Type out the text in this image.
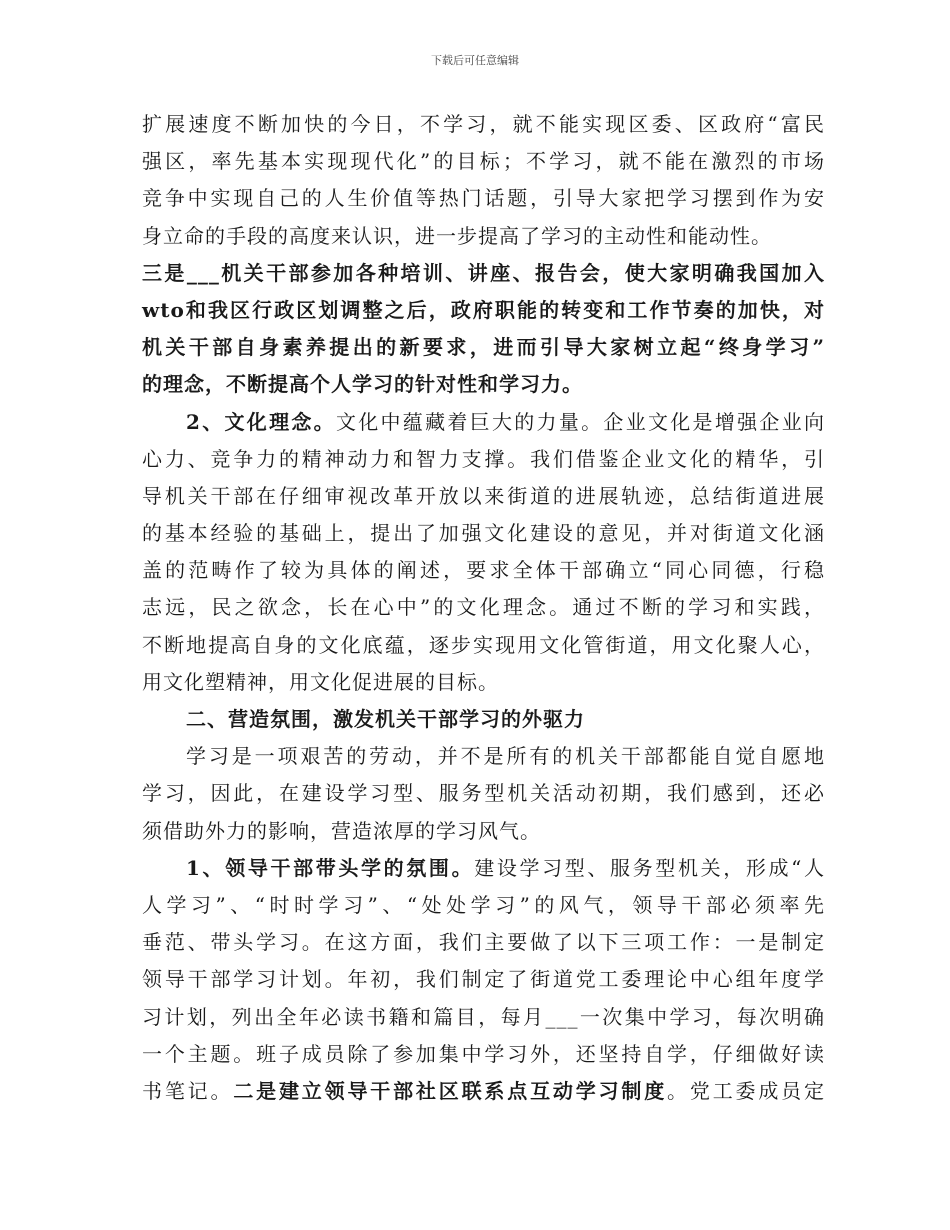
下载后可任意编辑
扩展速度不断加快的今日，不学习，就不能实现区委、区政府“富民
强区，率先基本实现现代化”的目标；不学习，就不能在激烈的市场
竞争中实现自己的人生价值等热门话题，引导大家把学习摆到作为安
身立命的手段的高度来认识，进一步提高了学习的主动性和能动性。
三是___机关干部参加各种培训、讲座、报告会，使大家明确我国加入
wto和我区行政区划调整之后，政府职能的转变和工作节奏的加快，对
机关干部自身素养提出的新要求，进而引导大家树立起“终身学习”
的理念，不断提高个人学习的针对性和学习力。
2、文化理念。文化中蕴藏着巨大的力量。企业文化是增强企业向
心力、竞争力的精神动力和智力支撑。我们借鉴企业文化的精华，引
导机关干部在仔细审视改革开放以来街道的进展轨迹，总结街道进展
的基本经验的基础上，提出了加强文化建设的意见，并对街道文化涵
盖的范畴作了较为具体的阐述，要求全体干部确立“同心同德，行稳
志远，民之欲念，长在心中”的文化理念。通过不断的学习和实践，
不断地提高自身的文化底蕴，逐步实现用文化管街道，用文化聚人心，
用文化塑精神，用文化促进展的目标。
二、营造氛围，激发机关干部学习的外驱力
学习是一项艰苦的劳动，并不是所有的机关干部都能自觉自愿地
学习，因此，在建设学习型、服务型机关活动初期，我们感到，还必
须借助外力的影响，营造浓厚的学习风气。
1、领导干部带头学的氛围。建设学习型、服务型机关，形成“人
人学习”、“时时学习”、“处处学习”的风气，领导干部必须率先
垂范、带头学习。在这方面，我们主要做了以下三项工作：一是制定
领导干部学习计划。年初，我们制定了街道党工委理论中心组年度学
习计划，列出全年必读书籍和篇目，每月___一次集中学习，每次明确
一个主题。班子成员除了参加集中学习外，还坚持自学，仔细做好读
书笔记。二是建立领导干部社区联系点互动学习制度。党工委成员定
